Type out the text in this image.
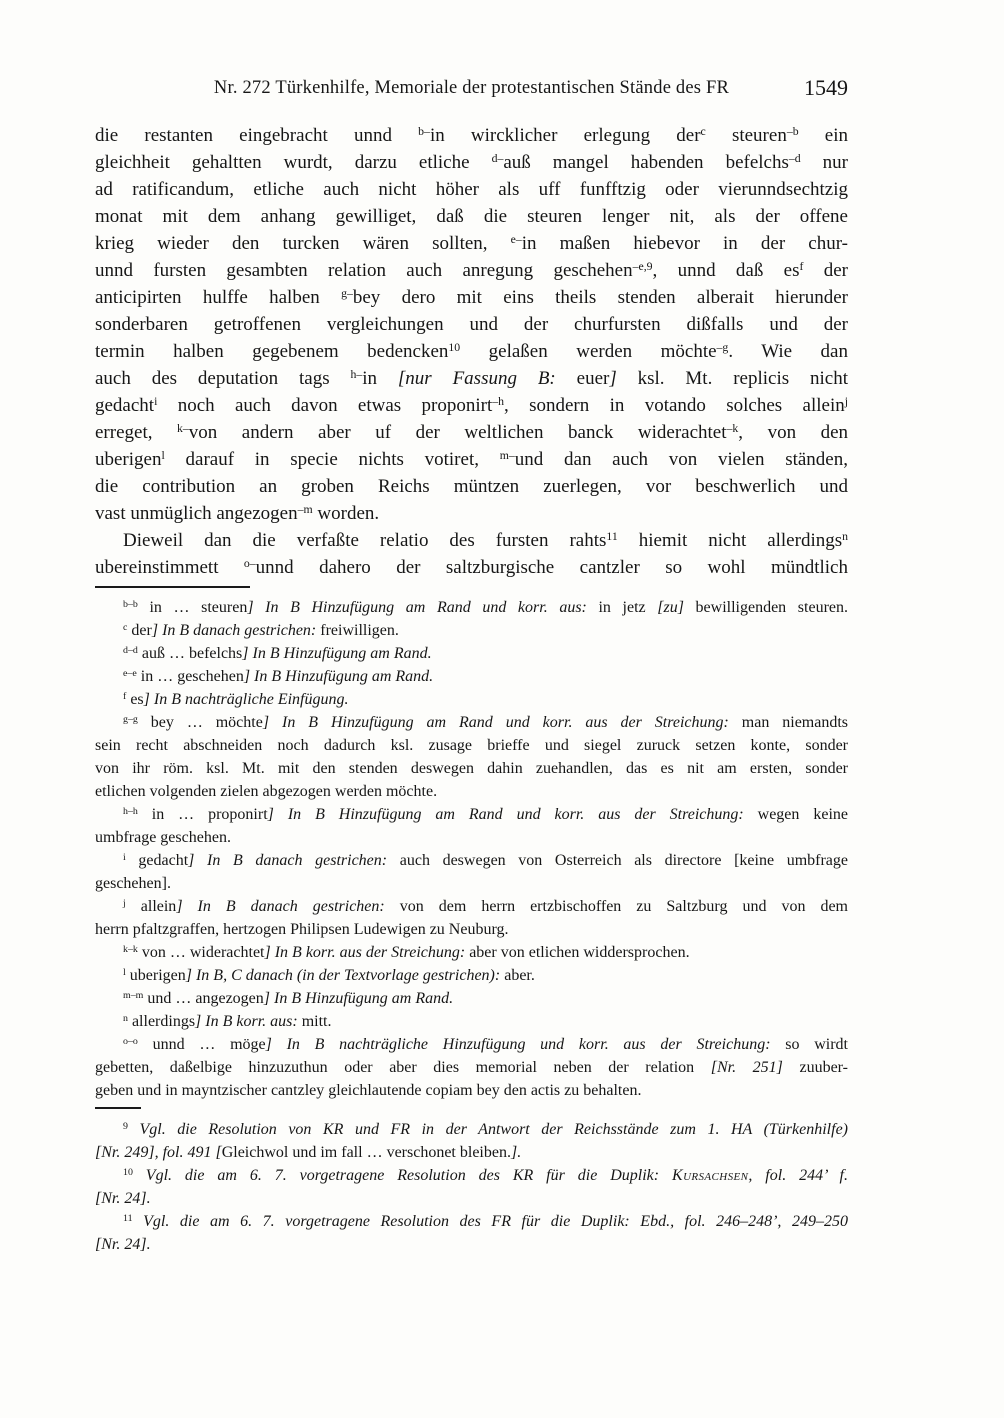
Nr. 272 Türkenhilfe, Memoriale der protestantischen Stände des FR	1549
die restanten eingebracht unnd $^{b-}$in wircklicher erlegung der$^c$ steuren$^{-b}$ ein
gleichheit gehaltten wurdt, darzu etliche $^{d-}$auß mangel habenden befelchs$^{-d}$ nur
ad ratificandum, etliche auch nicht höher als uff funfftzig oder vierunndsechtzig
monat mit dem anhang gewilliget, daß die steuren lenger nit, als der offene
krieg wieder den turcken wären sollten, $^{e-}$in maßen hiebevor in der chur-
unnd fursten gesambten relation auch anregung geschehen$^{-e,9}$, unnd daß $es^f$ der
anticipirten hulffe halben $^{g-}$bey dero mit eins theils stenden alberait hierunder
sonderbaren getroffenen vergleichungen und der churfursten dißfalls und der
termin halben gegebenem bedencken$^{10}$ gelaßen werden möchte$^{-g}$. Wie dan
auch des deputation tags $^{h-}$in [nur Fassung B: euer] ksl. Mt. replicis nicht
gedacht$^i$ noch auch davon etwas proponirt$^{-h}$, sondern in votando solches allein$^j$
erreget, $^{k-}$von andern aber uf der weltlichen banck widerachtet$^{-k}$, von den
uberigen$^l$ darauf in specie nichts votiret, $^{m-}$und dan auch von vielen ständen,
die contribution an groben Reichs müntzen zuerlegen, vor beschwerlich und
vast unmüglich angezogen$^{-m}$ worden.
Dieweil dan die verfaßte relatio des fursten rahts$^{11}$ hiemit nicht allerdings$^n$
ubereinstimmett $^{o-}$unnd dahero der saltzburgische cantzler so wohl mündtlich
$^{b-b}$ in … steuren] In B Hinzufügung am Rand und korr. aus: in jetz [zu] bewilligenden steuren.
$^c$ der] In B danach gestrichen: freiwilligen.
$^{d-d}$ auß … befelchs] In B Hinzufügung am Rand.
$^{e-e}$ in … geschehen] In B Hinzufügung am Rand.
$^f$ es] In B nachträgliche Einfügung.
$^{g-g}$ bey … möchte] In B Hinzufügung am Rand und korr. aus der Streichung: man niemandts
sein recht abschneiden noch dadurch ksl. zusage brieffe und siegel zuruck setzen konte, sonder
von ihr röm. ksl. Mt. mit den stenden deswegen dahin zuehandlen, das es nit am ersten, sonder
etlichen volgenden zielen abgezogen werden möchte.
$^{h-h}$ in … proponirt] In B Hinzufügung am Rand und korr. aus der Streichung: wegen keine
umbfrage geschehen.
$^i$ gedacht] In B danach gestrichen: auch deswegen von Osterreich als directore [keine umbfrage
geschehen].
$^j$ allein] In B danach gestrichen: von dem herrn ertzbischoffen zu Saltzburg und von dem
herrn pfaltzgraffen, hertzogen Philipsen Ludewigen zu Neuburg.
$^{k-k}$ von … widerachtet] In B korr. aus der Streichung: aber von etlichen widdersprochen.
$^l$ uberigen] In B, C danach (in der Textvorlage gestrichen): aber.
$^{m-m}$ und … angezogen] In B Hinzufügung am Rand.
$^n$ allerdings] In B korr. aus: mitt.
$^{o-o}$ unnd … möge] In B nachträgliche Hinzufügung und korr. aus der Streichung: so wirdt
gebetten, daßelbige hinzuzuthun oder aber dies memorial neben der relation [Nr. 251] zuuber-
geben und in mayntzischer cantzley gleichlautende copiam bey den actis zu behalten.
$^9$ Vgl. die Resolution von KR und FR in der Antwort der Reichsstände zum 1. HA (Türkenhilfe)
[Nr. 249], fol. 491 [Gleichwol und im fall … verschonet bleiben.].
$^{10}$ Vgl. die am 6. 7. vorgetragene Resolution des KR für die Duplik: Kursachsen, fol. 244’ f.
[Nr. 24].
$^{11}$ Vgl. die am 6. 7. vorgetragene Resolution des FR für die Duplik: Ebd., fol. 246–248’, 249–250
[Nr. 24].
